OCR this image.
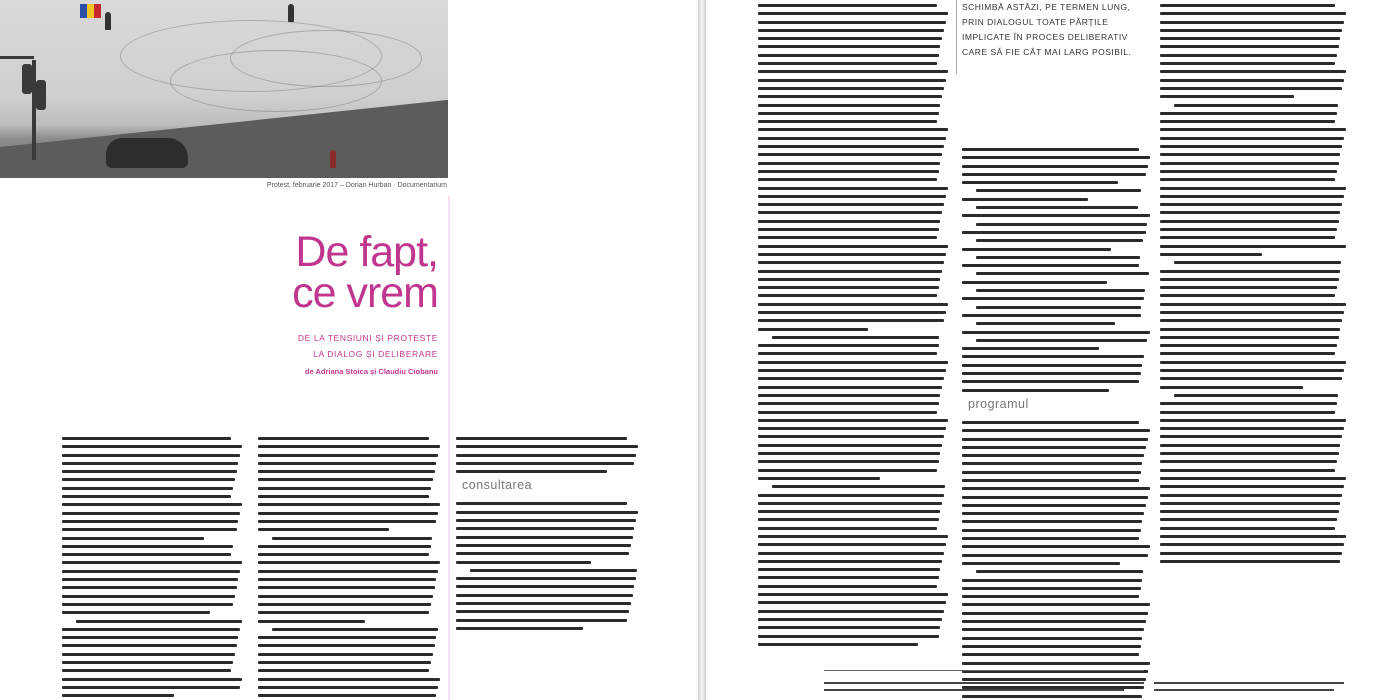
Protest, februarie 2017 – Dorian Hurban · Documentarium
De fapt,
ce vrem
DE LA TENSIUNI ȘI PROTESTE
LA DIALOG ȘI DELIBERARE
de Adriana Stoica și Claudiu Ciobanu
consultarea
SCHIMBĂ ASTĂZI, PE TERMEN LUNG, PRIN DIALOGUL TOATE PĂRȚILE IMPLICATE ÎN PROCES DELIBERATIV CARE SĂ FIE CÂT MAI LARG POSIBIL.
programul
